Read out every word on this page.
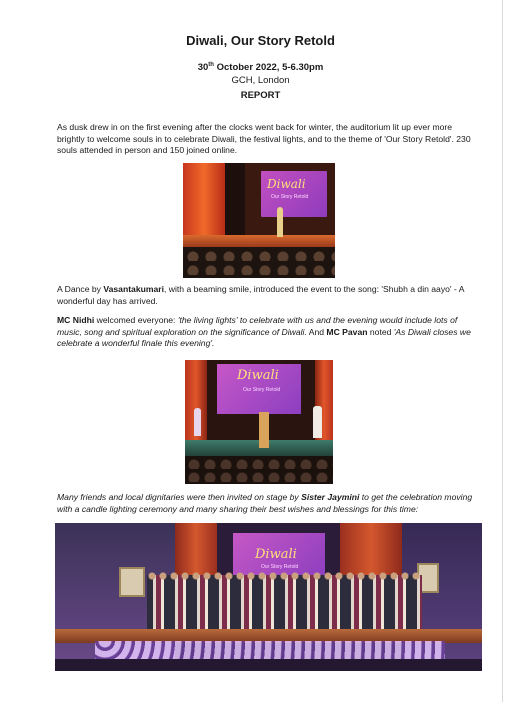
Diwali, Our Story Retold
30th October 2022, 5-6.30pm
GCH, London
REPORT

As dusk drew in on the first evening after the clocks went back for winter, the auditorium lit up ever more brightly to welcome souls in to celebrate Diwali, the festival lights, and to the theme of 'Our Story Retold'. 230 souls attended in person and 150 joined online.

Diwali
Our Story Retold

A Dance by Vasantakumari, with a beaming smile, introduced the event to the song: 'Shubh a din aayo' - A wonderful day has arrived.

MC Nidhi welcomed everyone: 'the living lights' to celebrate with us and the evening would include lots of music, song and spiritual exploration on the significance of Diwali. And MC Pavan noted 'As Diwali closes we celebrate a wonderful finale this evening'.

Diwali
Our Story Retold

Many friends and local dignitaries were then invited on stage by Sister Jaymini to get the celebration moving with a candle lighting ceremony and many sharing their best wishes and blessings for this time:

Diwali
Our Story Retold
